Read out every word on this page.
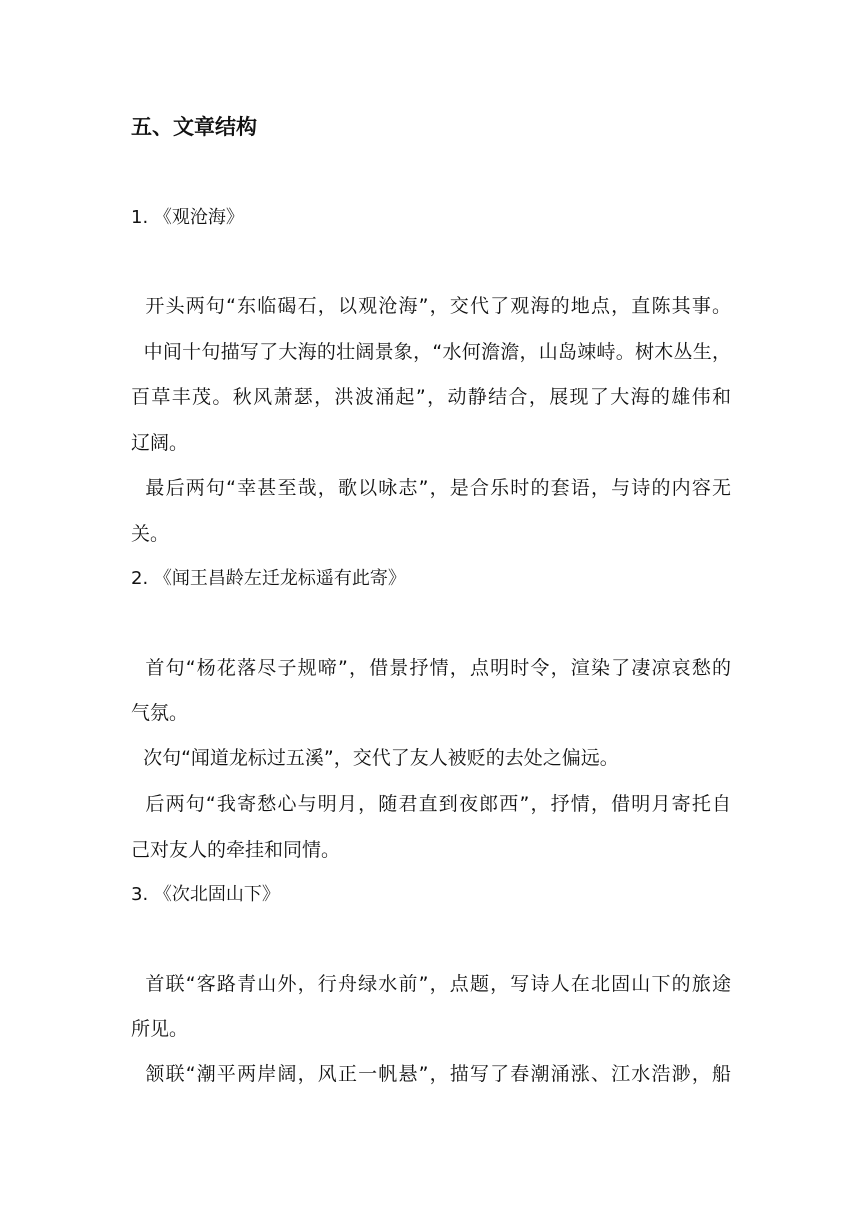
五、文章结构
1. 《观沧海》
开头两句“东临碣石，以观沧海”，交代了观海的地点，直陈其事。
中间十句描写了大海的壮阔景象，“水何澹澹，山岛竦峙。树木丛生，
百草丰茂。秋风萧瑟，洪波涌起”，动静结合，展现了大海的雄伟和
辽阔。
最后两句“幸甚至哉，歌以咏志”，是合乐时的套语，与诗的内容无
关。
2. 《闻王昌龄左迁龙标遥有此寄》
首句“杨花落尽子规啼”，借景抒情，点明时令，渲染了凄凉哀愁的
气氛。
次句“闻道龙标过五溪”，交代了友人被贬的去处之偏远。
后两句“我寄愁心与明月，随君直到夜郎西”，抒情，借明月寄托自
己对友人的牵挂和同情。
3. 《次北固山下》
首联“客路青山外，行舟绿水前”，点题，写诗人在北固山下的旅途
所见。
颔联“潮平两岸阔，风正一帆悬”，描写了春潮涌涨、江水浩渺，船
